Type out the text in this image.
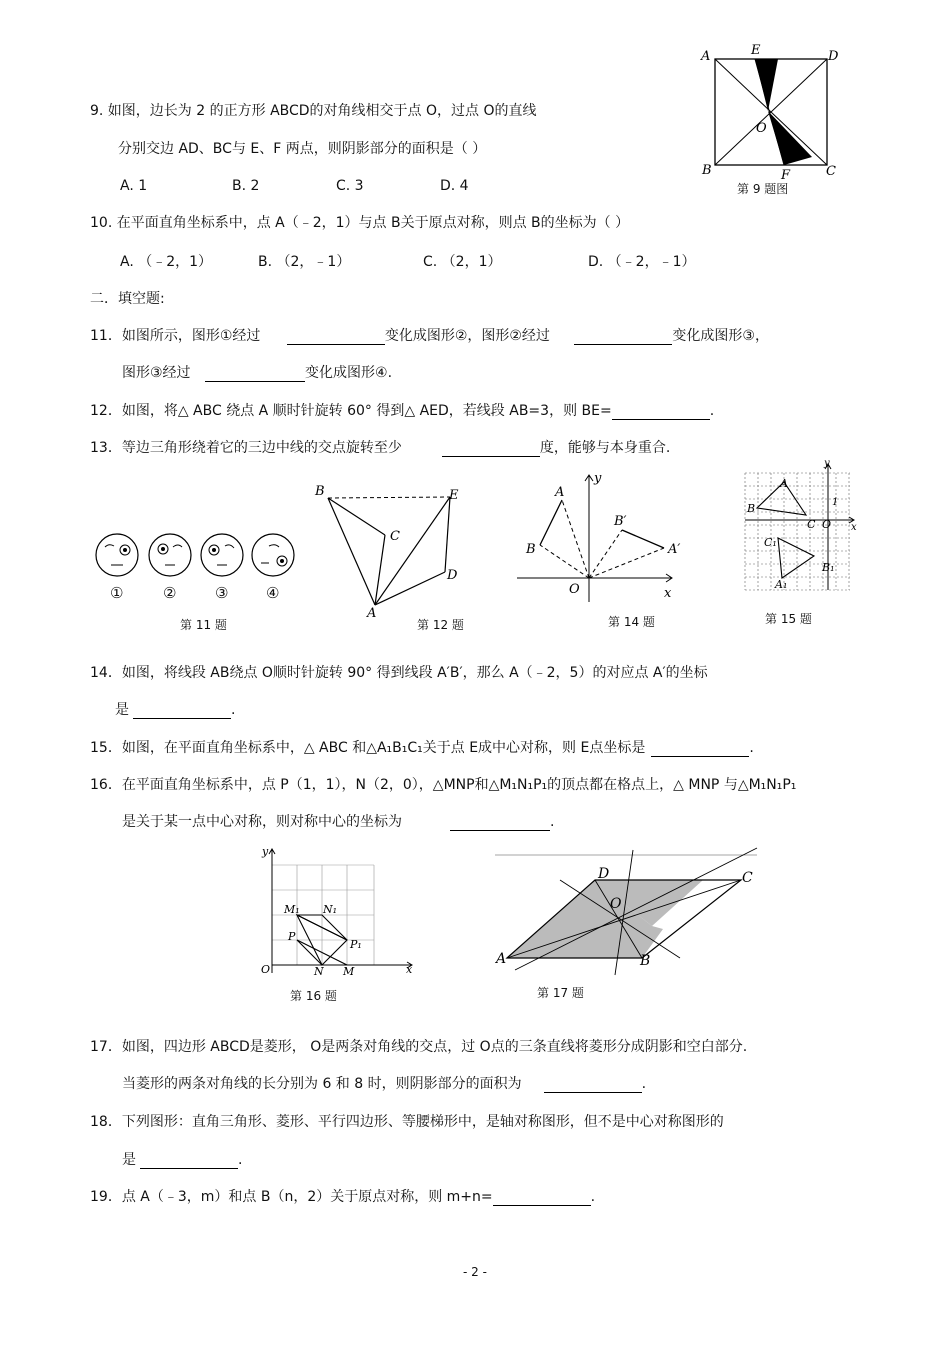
9. 如图，边长为 2 的正方形 ABCD的对角线相交于点 O，过点 O的直线
分别交边 AD、BC与 E、F 两点，则阴影部分的面积是（ ）
A. 1	B. 2	C. 3	D. 4
A	E	D
O
B	F	C
第 9 题图
10. 在平面直角坐标系中，点 A（﹣2，1）与点 B关于原点对称，则点 B的坐标为（ ）
A. （﹣2，1）	B. （2，﹣1）	C. （2，1）	D. （﹣2，﹣1）
二．填空题:
11．如图所示，图形①经过	变化成图形②，图形②经过	变化成图形③，
图形③经过	变化成图形④.
12．如图，将△ ABC 绕点 A 顺时针旋转 60° 得到△ AED，若线段 AB=3，则 BE=	.
13．等边三角形绕着它的三边中线的交点旋转至少	度，能够与本身重合.
①	②	③	④
第 11 题
B
C
E
D
A
第 12 题
A
B
B′
A′
O	x
y
第 14 题
y
A
1
B
C O x
C₁
B₁
A₁
第 15 题
14．如图，将线段 AB绕点 O顺时针旋转 90° 得到线段 A′B′，那么 A（﹣2，5）的对应点 A′的坐标
是	.
15．如图，在平面直角坐标系中，△ ABC 和△A₁B₁C₁关于点 E成中心对称，则 E点坐标是	.
16．在平面直角坐标系中，点 P（1，1），N（2，0），△MNP和△M₁N₁P₁的顶点都在格点上，△ MNP 与△M₁N₁P₁
是关于某一点中心对称，则对称中心的坐标为	.
y
M₁ N₁
P
P₁
O	N M	x
第 16 题
D	C
O
A	B
第 17 题
17．如图，四边形 ABCD是菱形， O是两条对角线的交点，过 O点的三条直线将菱形分成阴影和空白部分.
当菱形的两条对角线的长分别为 6 和 8 时，则阴影部分的面积为	.
18．下列图形：直角三角形、菱形、平行四边形、等腰梯形中，是轴对称图形，但不是中心对称图形的
是	.
19．点 A（﹣3，m）和点 B（n，2）关于原点对称，则 m+n=	.
- 2 -
